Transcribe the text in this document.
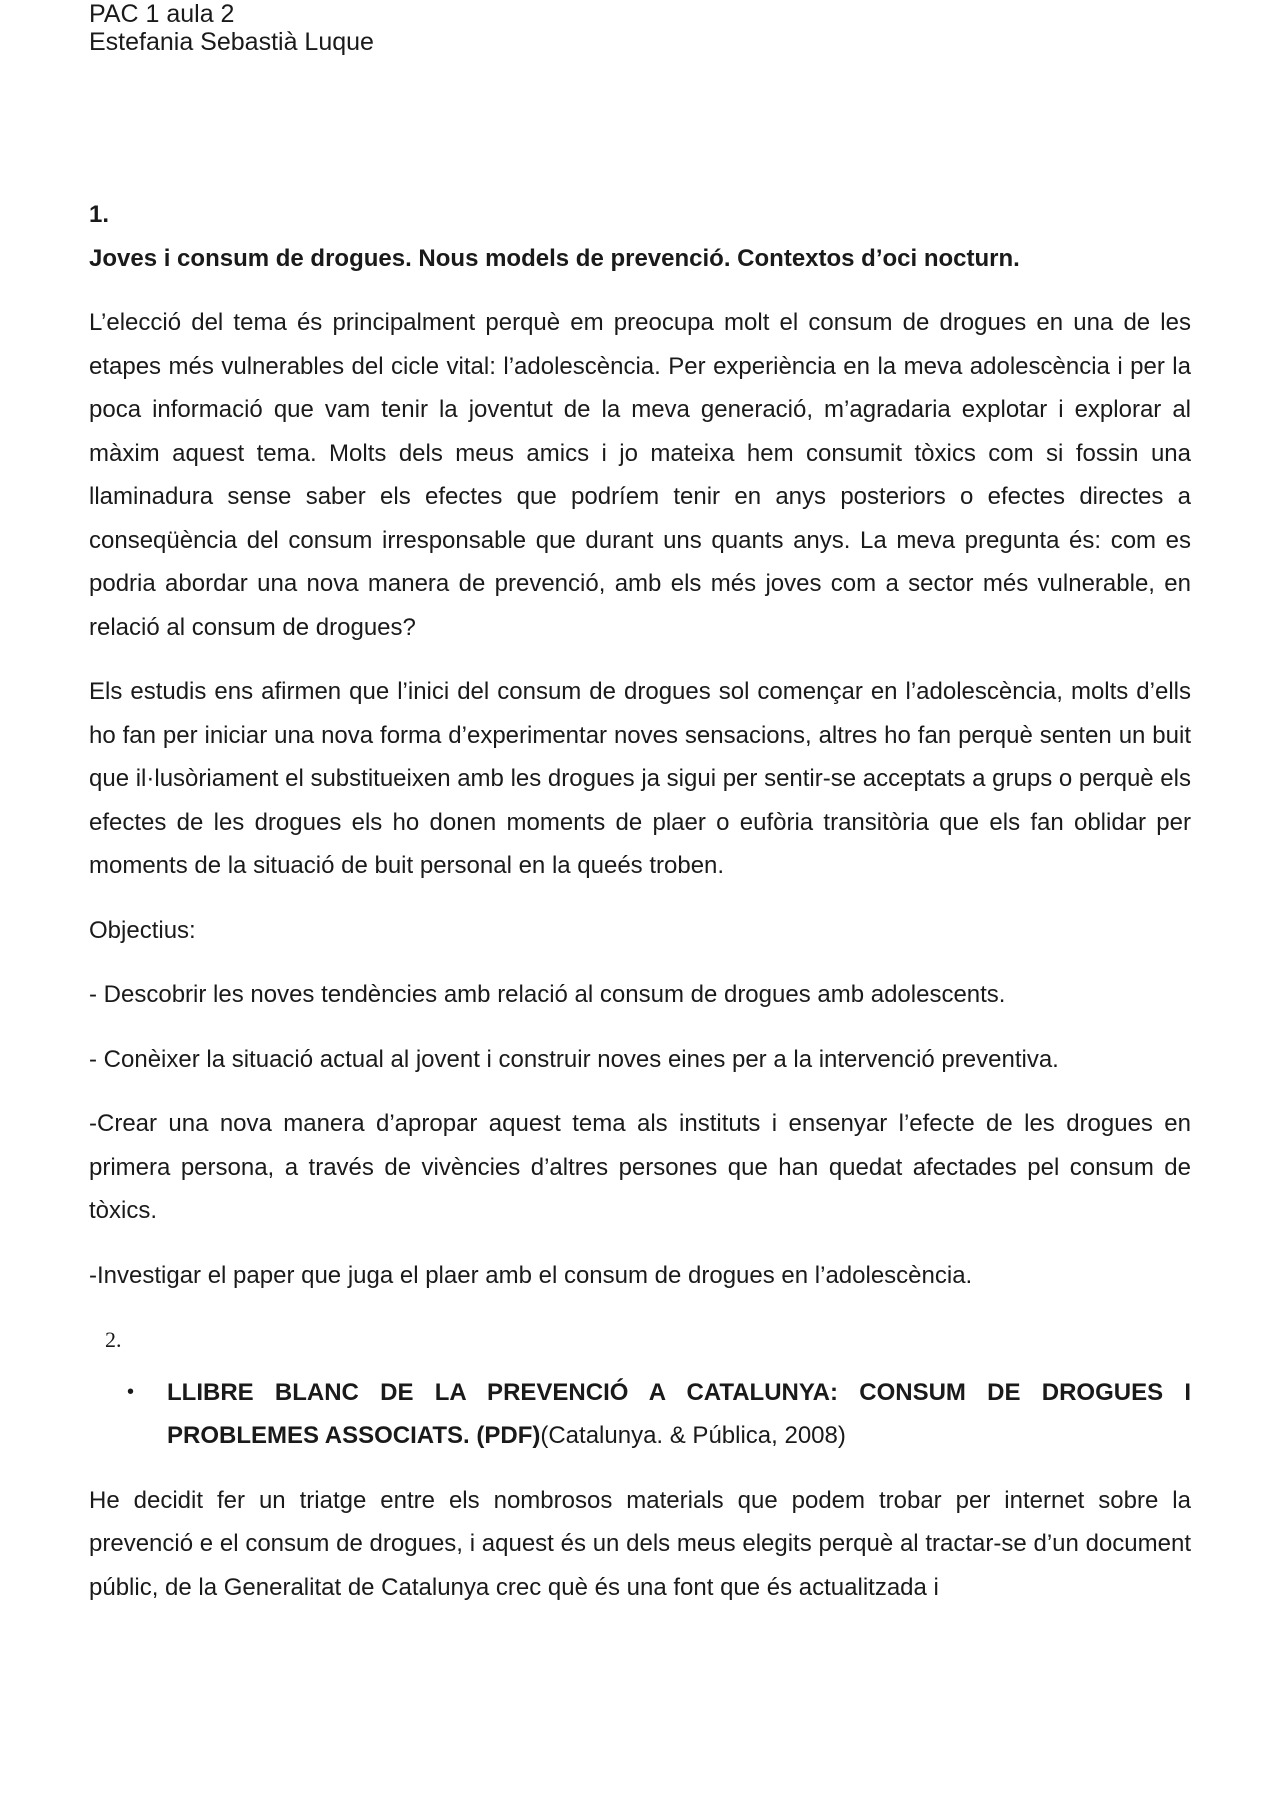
PAC 1 aula 2
Estefania Sebastià Luque

1.

Joves i consum de drogues. Nous models de prevenció. Contextos d’oci nocturn.

L’elecció del tema és principalment perquè em preocupa molt el consum de drogues en una de les etapes més vulnerables del cicle vital: l’adolescència. Per experiència en la meva adolescència i per la poca informació que vam tenir la joventut de la meva generació, m’agradaria explotar i explorar al màxim aquest tema. Molts dels meus amics i jo mateixa hem consumit tòxics com si fossin una llaminadura sense saber els efectes que podríem tenir en anys posteriors o efectes directes a conseqüència del consum irresponsable que durant uns quants anys. La meva pregunta és: com es podria abordar una nova manera de prevenció, amb els més joves com a sector més vulnerable, en relació al consum de drogues?

Els estudis ens afirmen que l’inici del consum de drogues sol començar en l’adolescència, molts d’ells ho fan per iniciar una nova forma d’experimentar noves sensacions, altres ho fan perquè senten un buit que il·lusòriament el substitueixen amb les drogues ja sigui per sentir-se acceptats a grups o perquè els efectes de les drogues els ho donen moments de plaer o eufòria transitòria que els fan oblidar per moments de la situació de buit personal en la queés troben.

Objectius:

- Descobrir les noves tendències amb relació al consum de drogues amb adolescents.

- Conèixer la situació actual al jovent i construir noves eines per a la intervenció preventiva.

-Crear una nova manera d’apropar aquest tema als instituts i ensenyar l’efecte de les drogues en primera persona, a través de vivències d’altres persones que han quedat afectades pel consum de tòxics.

-Investigar el paper que juga el plaer amb el consum de drogues en l’adolescència.

2.

•	LLIBRE BLANC DE LA PREVENCIÓ A CATALUNYA: CONSUM DE DROGUES I PROBLEMES ASSOCIATS. (PDF)(Catalunya. & Pública, 2008)

He decidit fer un triatge entre els nombrosos materials que podem trobar per internet sobre la prevenció e el consum de drogues, i aquest és un dels meus elegits perquè al tractar-se d’un document públic, de la Generalitat de Catalunya crec què és una font que és actualitzada i
